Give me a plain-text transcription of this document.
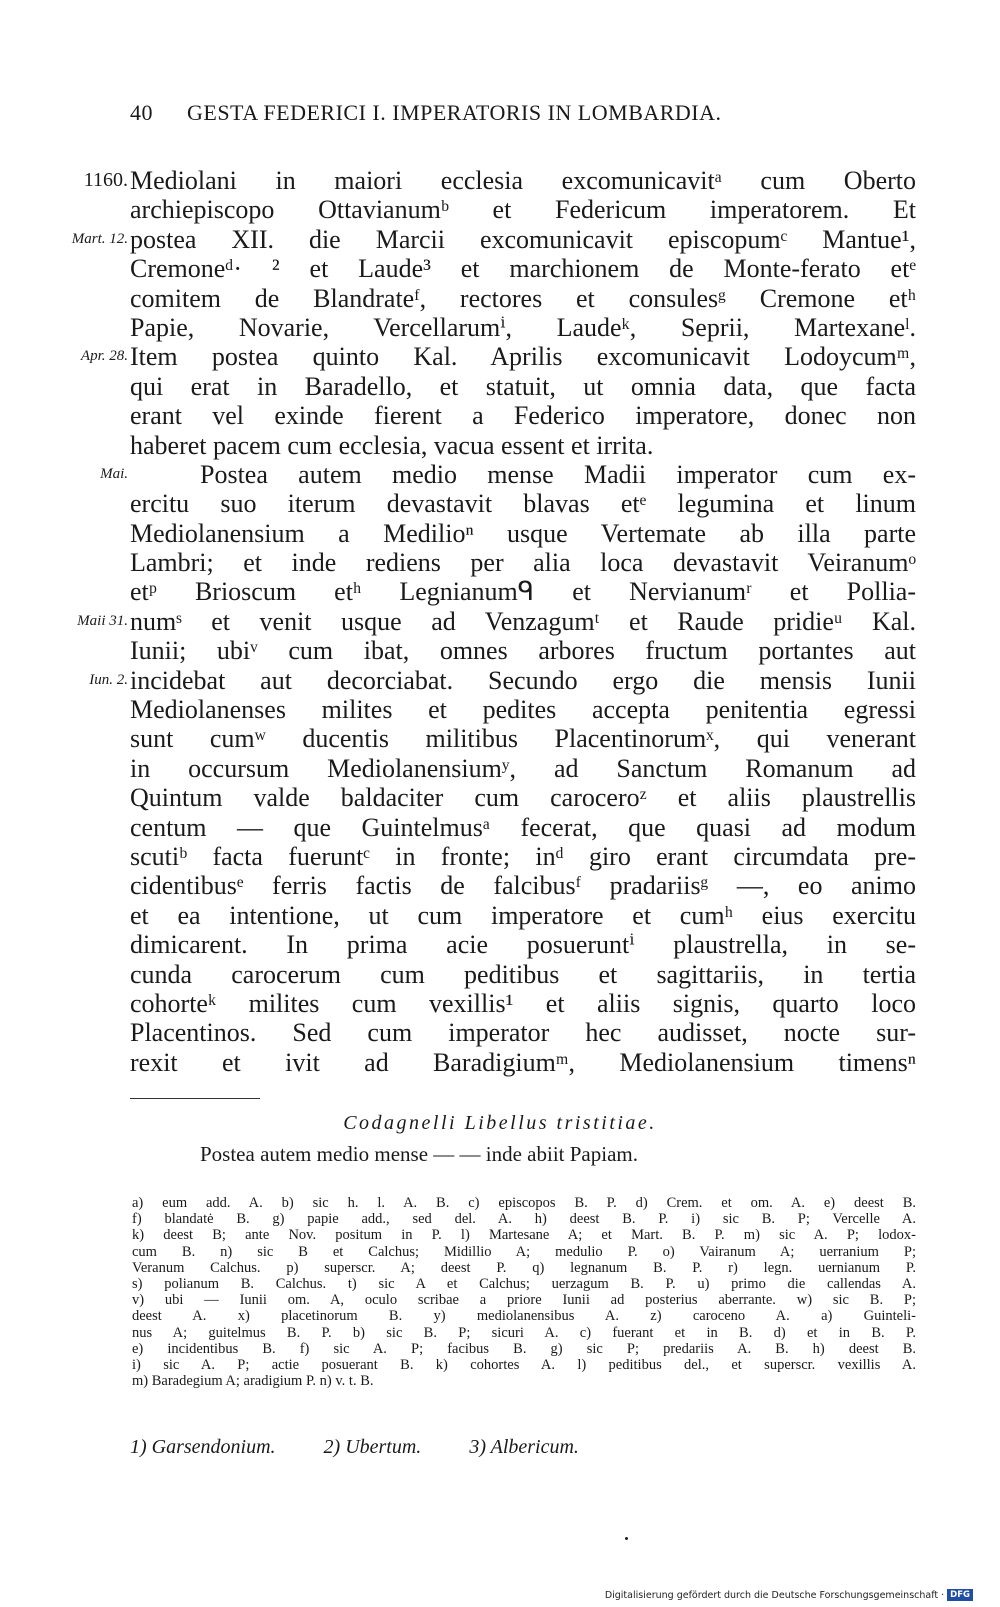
40 GESTA FEDERICI I. IMPERATORIS IN LOMBARDIA.
1160. Mediolani in maiori ecclesia excomunicavitᵃ cum Oberto
archiepiscopo Ottavianumᵇ et Federicum imperatorem. Et
Mart. 12. postea XII. die Marcii excomunicavit episcopumᶜ Mantue¹,
Cremoneᵈ· ² et Laude³ et marchionem de Monte-ferato etᵉ
comitem de Blandrateᶠ, rectores et consulesᵍ Cremone etʰ
Papie, Novarie, Vercellarumⁱ, Laudeᵏ, Seprii, Martexaneˡ.
Apr. 28. Item postea quinto Kal. Aprilis excomunicavit Lodoycumᵐ,
qui erat in Baradello, et statuit, ut omnia data, que facta
erant vel exinde fierent a Federico imperatore, donec non
haberet pacem cum ecclesia, vacua essent et irrita.
Mai.	Postea autem medio mense Madii imperator cum ex-
ercitu suo iterum devastavit blavas etᵉ legumina et linum
Mediolanensium a Medilioⁿ usque Vertemate ab illa parte
Lambri; et inde rediens per alia loca devastavit Veiranumᵒ
etᵖ Brioscum etʰ Legnianumᑫ et Nervianumʳ et Pollia-
Maii 31. numˢ et venit usque ad Venzagumᵗ et Raude pridieᵘ Kal.
Iunii; ubiᵛ cum ibat, omnes arbores fructum portantes aut
Iun. 2. incidebat aut decorciabat. Secundo ergo die mensis Iunii
Mediolanenses milites et pedites accepta penitentia egressi
sunt cumʷ ducentis militibus Placentinorumˣ, qui venerant
in occursum Mediolanensiumʸ, ad Sanctum Romanum ad
Quintum valde baldaciter cum caroceroᶻ et aliis plaustrellis
centum — que Guintelmusᵃ fecerat, que quasi ad modum
scutiᵇ facta fueruntᶜ in fronte; inᵈ giro erant circumdata pre-
cidentibusᵉ ferris factis de falcibusᶠ pradariisᵍ —, eo animo
et ea intentione, ut cum imperatore et cumʰ eius exercitu
dimicarent. In prima acie posueruntⁱ plaustrella, in se-
cunda carocerum cum peditibus et sagittariis, in tertia
cohorteᵏ milites cum vexillis¹ et aliis signis, quarto loco
Placentinos. Sed cum imperator hec audisset, nocte sur-
rexit et ivit ad Baradigiumᵐ, Mediolanensium timensⁿ
Codagnelli Libellus tristitiae.
Postea autem medio mense — — inde abiit Papiam.
a) eum add. A. b) sic h. l. A. B. c) episcopos B. P. d) Crem. et om. A. e) deest B.
f) blandatė B. g) papie add., sed del. A. h) deest B. P. i) sic B. P; Vercelle A.
k) deest B; ante Nov. positum in P. l) Martesane A; et Mart. B. P. m) sic A. P; lodox-
cum B. n) sic B et Calchus; Midillio A; medulio P. o) Vairanum A; uerranium P;
Veranum Calchus. p) superscr. A; deest P. q) legnanum B. P. r) legn. uernianum P.
s) polianum B. Calchus. t) sic A et Calchus; uerzagum B. P. u) primo die callendas A.
v) ubi — Iunii om. A, oculo scribae a priore Iunii ad posterius aberrante. w) sic B. P;
deest A. x) placetinorum B. y) mediolanensibus A. z) caroceno A. a) Guinteli-
nus A; guitelmus B. P. b) sic B. P; sicuri A. c) fuerant et in B. d) et in B. P.
e) incidentibus B. f) sic A. P; facibus B. g) sic P; predariis A. B. h) deest B.
i) sic A. P; actie posuerant B. k) cohortes A. l) peditibus del., et superscr. vexillis A.
m) Baradegium A; aradigium P. n) v. t. B.
1) Garsendonium. 2) Ubertum. 3) Albericum.
Digitalisierung gefördert durch die Deutsche Forschungsgemeinschaft · DFG
